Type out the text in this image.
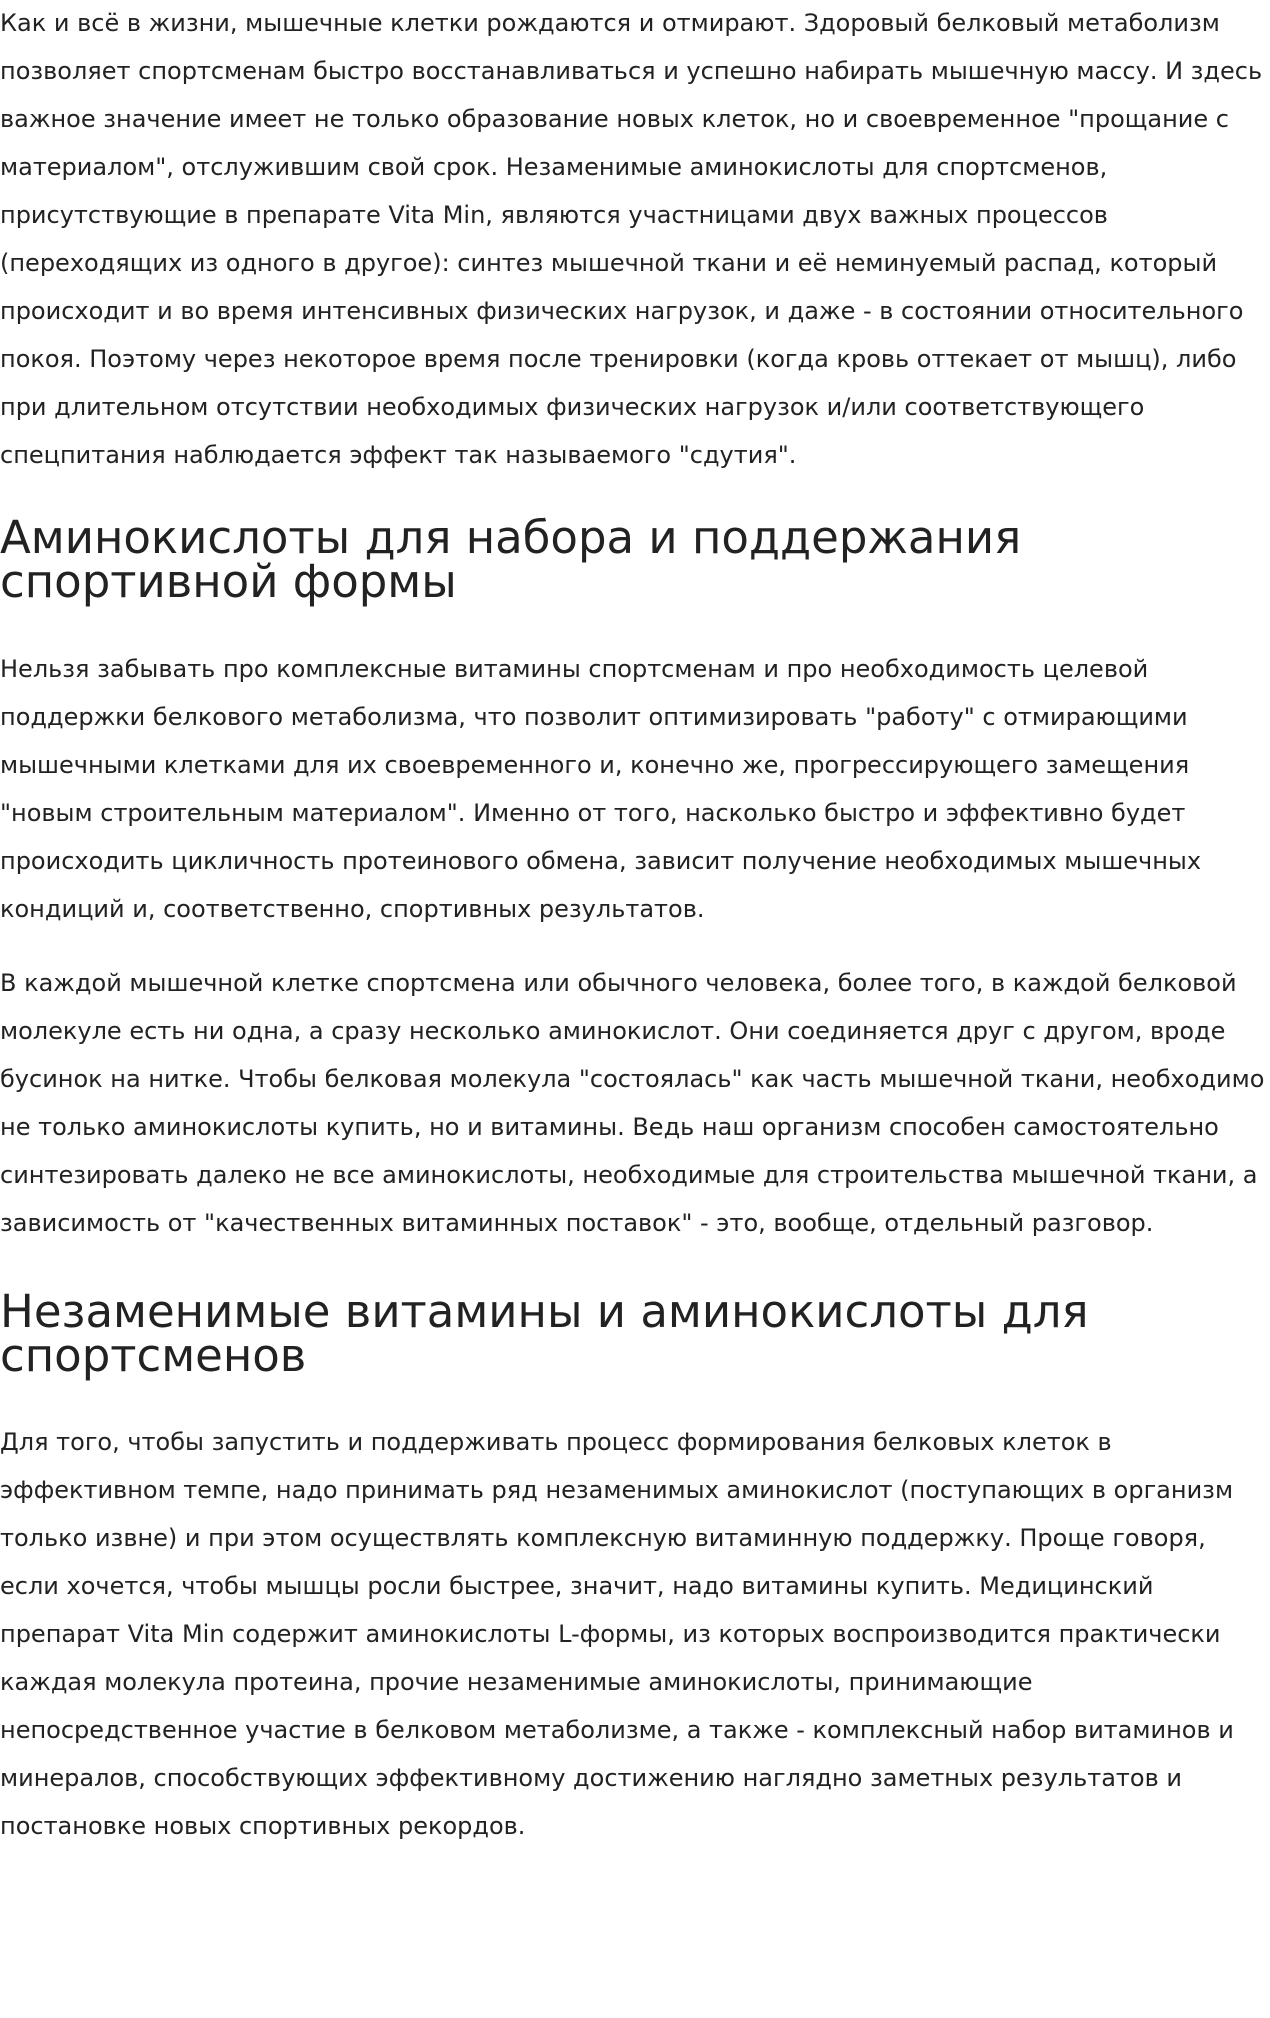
Как и всё в жизни, мышечные клетки рождаются и отмирают. Здоровый белковый метаболизм позволяет спортсменам быстро восстанавливаться и успешно набирать мышечную массу. И здесь важное значение имеет не только образование новых клеток, но и своевременное "прощание с материалом", отслужившим свой срок. Незаменимые аминокислоты для спортсменов, присутствующие в препарате Vita Min, являются участницами двух важных процессов (переходящих из одного в другое): синтез мышечной ткани и её неминуемый распад, который происходит и во время интенсивных физических нагрузок, и даже - в состоянии относительного покоя. Поэтому через некоторое время после тренировки (когда кровь оттекает от мышц), либо при длительном отсутствии необходимых физических нагрузок и/или соответствующего спецпитания наблюдается эффект так называемого "сдутия".

Аминокислоты для набора и поддержания спортивной формы

Нельзя забывать про комплексные витамины спортсменам и про необходимость целевой поддержки белкового метаболизма, что позволит оптимизировать "работу" с отмирающими мышечными клетками для их своевременного и, конечно же, прогрессирующего замещения "новым строительным материалом". Именно от того, насколько быстро и эффективно будет происходить цикличность протеинового обмена, зависит получение необходимых мышечных кондиций и, соответственно, спортивных результатов.

В каждой мышечной клетке спортсмена или обычного человека, более того, в каждой белковой молекуле есть ни одна, а сразу несколько аминокислот. Они соединяется друг с другом, вроде бусинок на нитке. Чтобы белковая молекула "состоялась" как часть мышечной ткани, необходимо не только аминокислоты купить, но и витамины. Ведь наш организм способен самостоятельно синтезировать далеко не все аминокислоты, необходимые для строительства мышечной ткани, а зависимость от "качественных витаминных поставок" - это, вообще, отдельный разговор.

Незаменимые витамины и аминокислоты для спортсменов

Для того, чтобы запустить и поддерживать процесс формирования белковых клеток в эффективном темпе, надо принимать ряд незаменимых аминокислот (поступающих в организм только извне) и при этом осуществлять комплексную витаминную поддержку. Проще говоря, если хочется, чтобы мышцы росли быстрее, значит, надо витамины купить. Медицинский препарат Vita Min содержит аминокислоты L-формы, из которых воспроизводится практически каждая молекула протеина, прочие незаменимые аминокислоты, принимающие непосредственное участие в белковом метаболизме, а также - комплексный набор витаминов и минералов, способствующих эффективному достижению наглядно заметных результатов и постановке новых спортивных рекордов.
